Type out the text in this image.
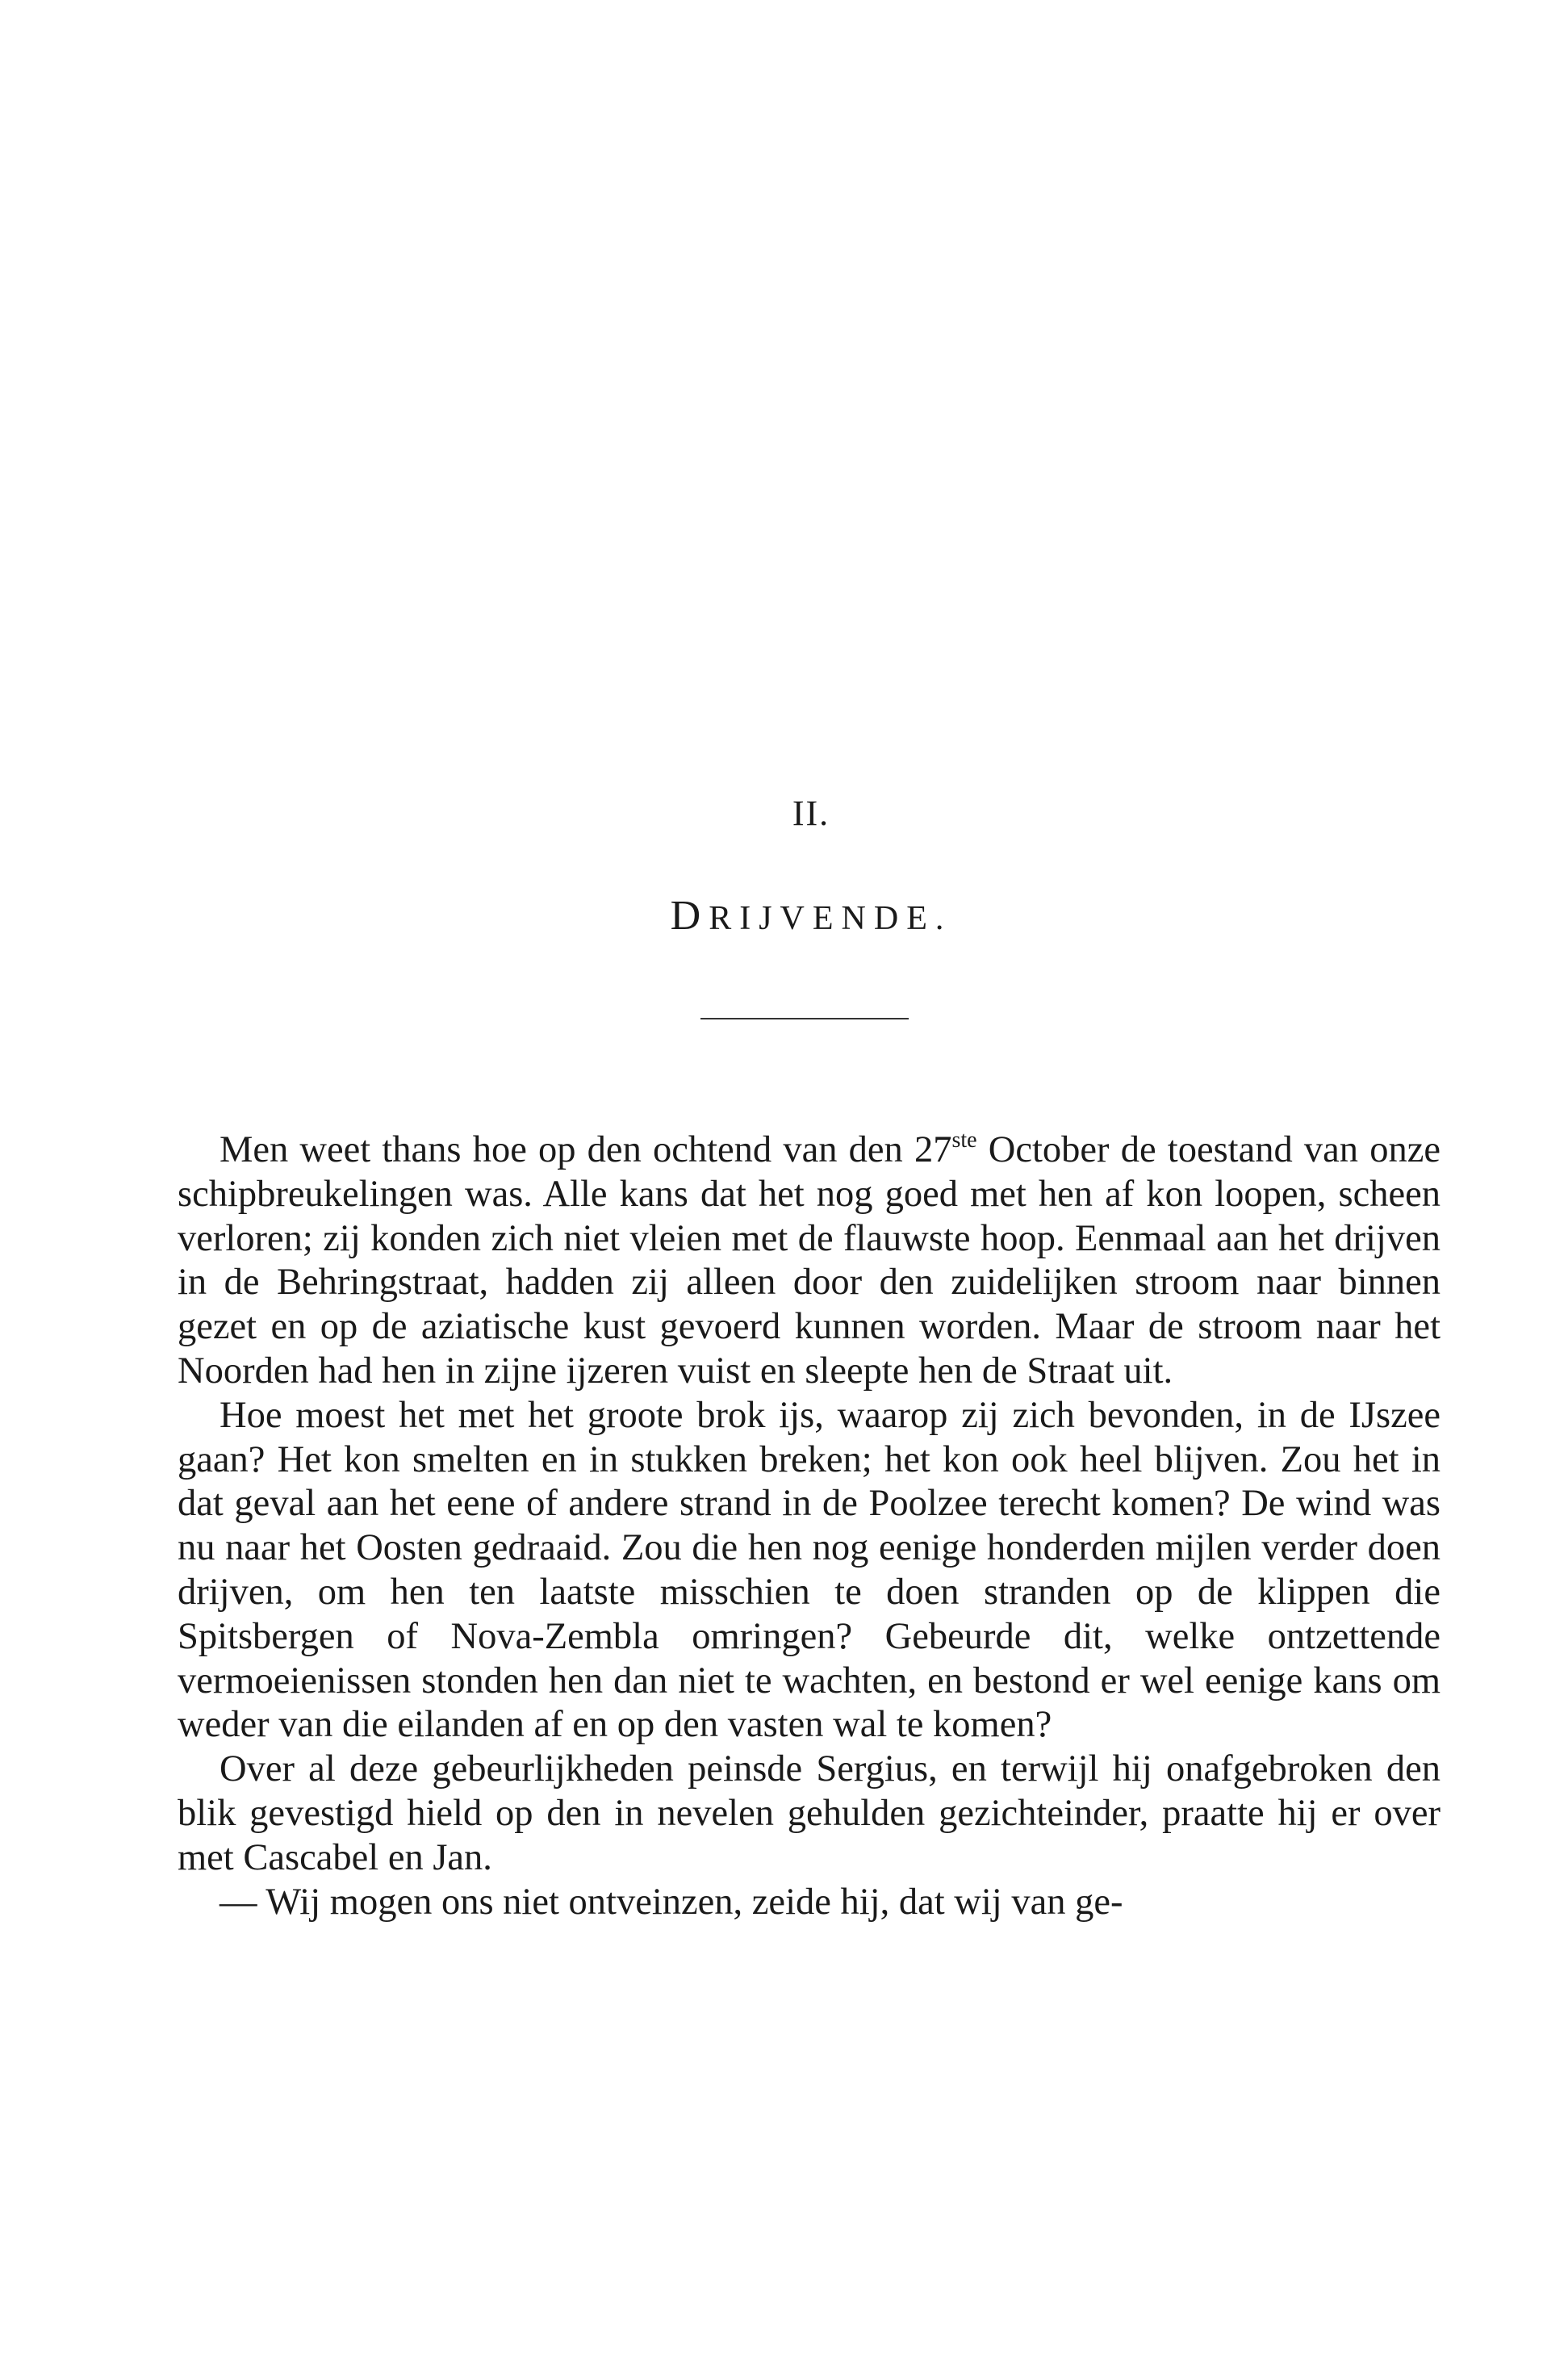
II.
DRIJVENDE.

Men weet thans hoe op den ochtend van den 27ste October de toestand van onze schipbreukelingen was. Alle kans dat het nog goed met hen af kon loopen, scheen verloren; zij konden zich niet vleien met de flauwste hoop. Eenmaal aan het drijven in de Behringstraat, hadden zij alleen door den zuidelijken stroom naar binnen gezet en op de aziatische kust gevoerd kunnen worden. Maar de stroom naar het Noorden had hen in zijne ijzeren vuist en sleepte hen de Straat uit.

Hoe moest het met het groote brok ijs, waarop zij zich bevonden, in de IJszee gaan? Het kon smelten en in stukken breken; het kon ook heel blijven. Zou het in dat geval aan het eene of andere strand in de Poolzee terecht komen? De wind was nu naar het Oosten gedraaid. Zou die hen nog eenige honderden mijlen verder doen drijven, om hen ten laatste misschien te doen stranden op de klippen die Spitsbergen of Nova-Zembla omringen? Gebeurde dit, welke ontzettende vermoeienissen stonden hen dan niet te wachten, en bestond er wel eenige kans om weder van die eilanden af en op den vasten wal te komen?

Over al deze gebeurlijkheden peinsde Sergius, en terwijl hij onafgebroken den blik gevestigd hield op den in nevelen gehulden gezichteinder, praatte hij er over met Cascabel en Jan.

— Wij mogen ons niet ontveinzen, zeide hij, dat wij van ge-
